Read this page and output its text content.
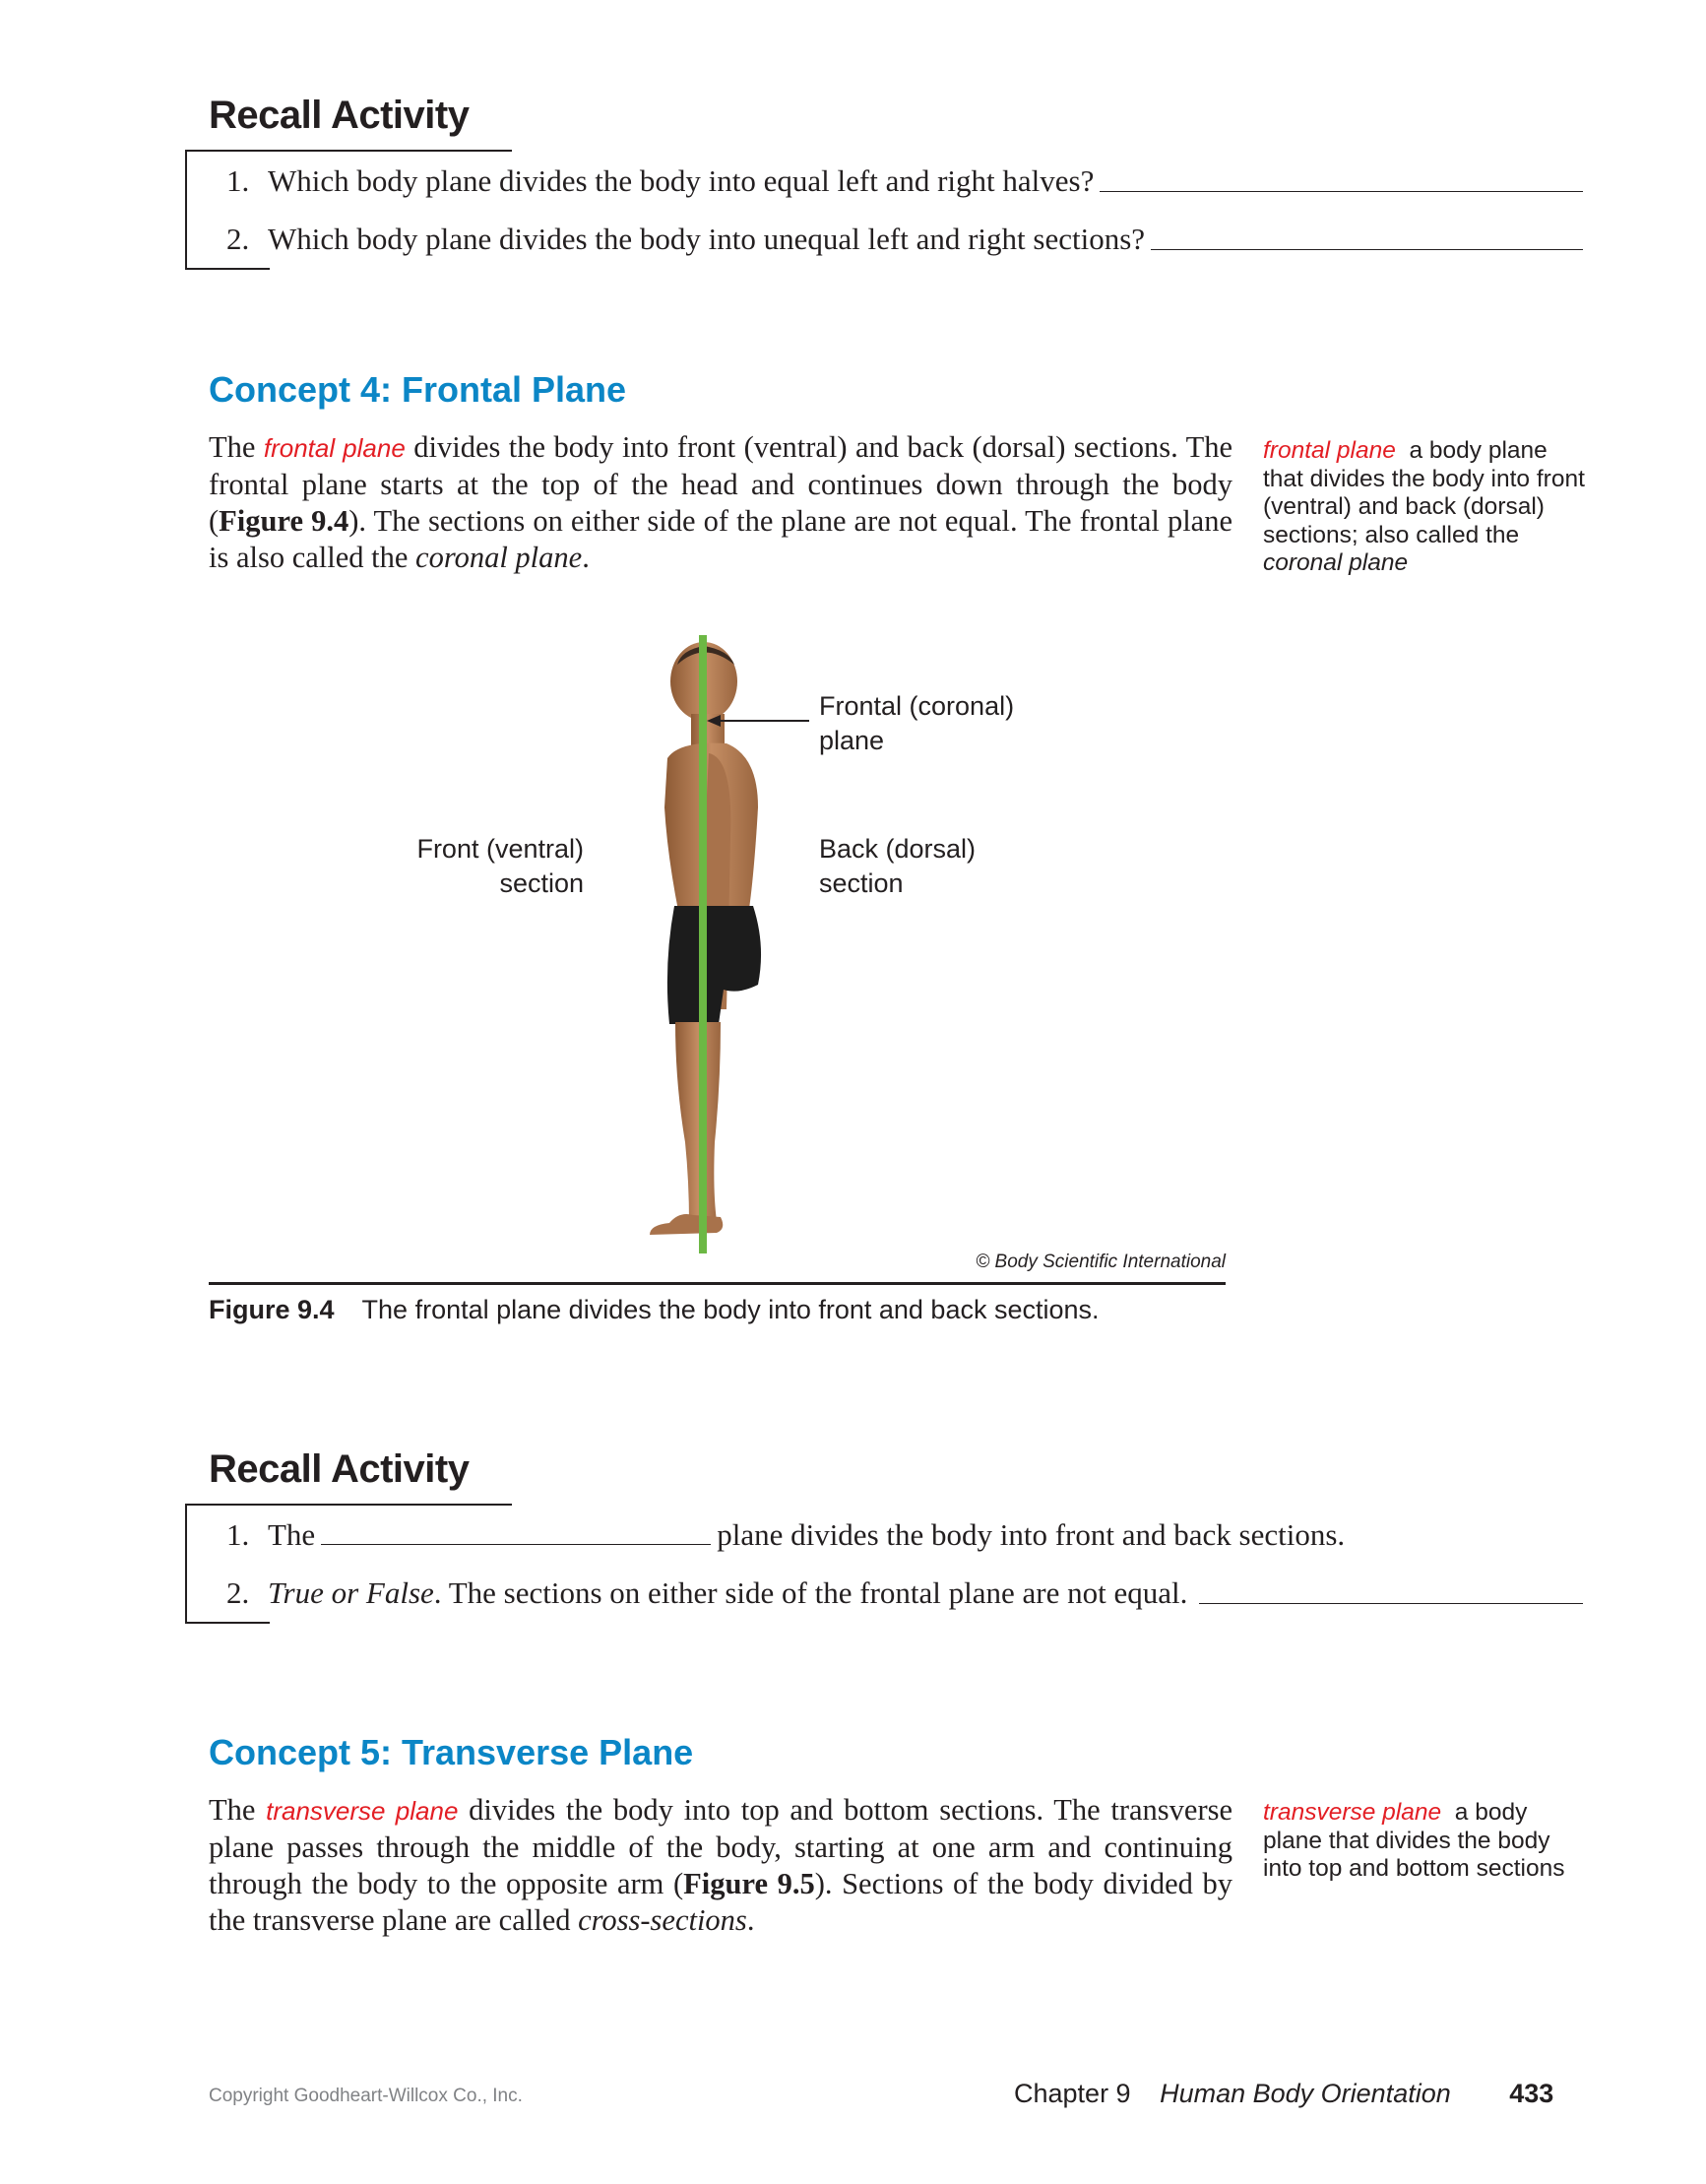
Recall Activity
1. Which body plane divides the body into equal left and right halves?
2. Which body plane divides the body into unequal left and right sections?
Concept 4: Frontal Plane
The frontal plane divides the body into front (ventral) and back (dorsal) sections. The frontal plane starts at the top of the head and continues down through the body (Figure 9.4). The sections on either side of the plane are not equal. The frontal plane is also called the coronal plane.
frontal plane a body plane that divides the body into front (ventral) and back (dorsal) sections; also called the coronal plane
Frontal (coronal)
plane
Front (ventral)
section
Back (dorsal)
section
© Body Scientific International
Figure 9.4 The frontal plane divides the body into front and back sections.
Recall Activity
1. The	plane divides the body into front and back sections.
2. True or False . The sections on either side of the frontal plane are not equal.
Concept 5: Transverse Plane
The transverse plane divides the body into top and bottom sections. The transverse plane passes through the middle of the body, starting at one arm and continuing through the body to the opposite arm (Figure 9.5). Sections of the body divided by the transverse plane are called cross-sections.
transverse plane a body plane that divides the body into top and bottom sections
Copyright Goodheart-Willcox Co., Inc.	Chapter 9 Human Body Orientation 433
